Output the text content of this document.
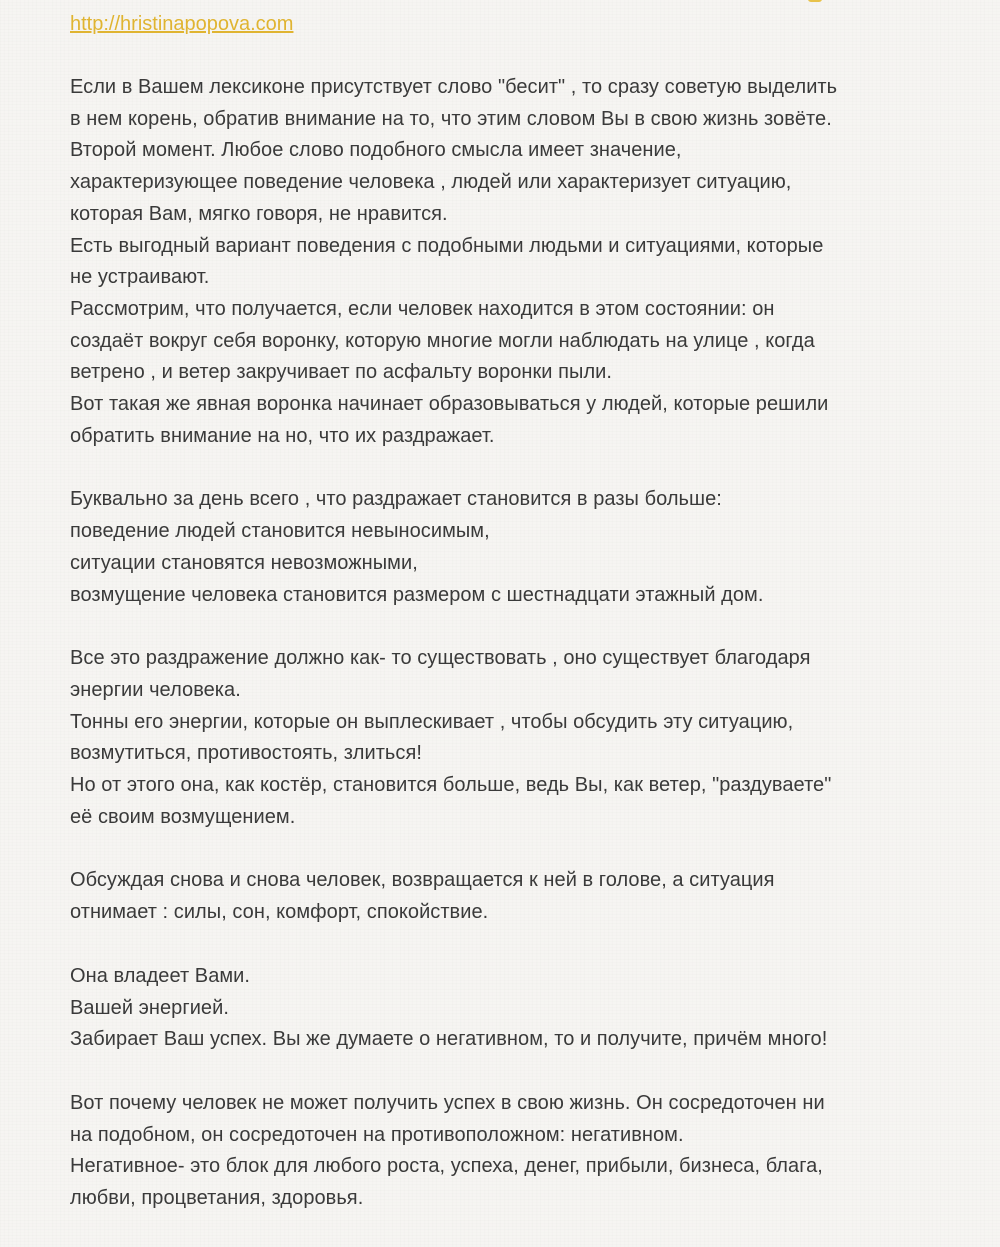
http://hristinapopova.com
Если в Вашем лексиконе присутствует слово "бесит" , то сразу советую выделить
в нем корень, обратив внимание на то, что этим словом Вы в свою жизнь зовёте.
Второй момент. Любое слово подобного смысла имеет значение,
характеризующее поведение человека , людей или характеризует ситуацию,
которая Вам, мягко говоря, не нравится.
Есть выгодный вариант поведения с подобными людьми и ситуациями, которые
не устраивают.
Рассмотрим, что получается, если человек находится в этом состоянии: он
создаёт вокруг себя воронку, которую многие могли наблюдать на улице , когда
ветрено , и ветер закручивает по асфальту воронки пыли.
Вот такая же явная воронка начинает образовываться у людей, которые решили
обратить внимание на но, что их раздражает.
Буквально за день всего , что раздражает становится в разы больше:
поведение людей становится невыносимым,
ситуации становятся невозможными,
возмущение человека становится размером с шестнадцати этажный дом.
Все это раздражение должно как- то существовать , оно существует благодаря
энергии человека.
Тонны его энергии, которые он выплескивает , чтобы обсудить эту ситуацию,
возмутиться, противостоять, злиться!
Но от этого она, как костёр, становится больше, ведь Вы, как ветер, "раздуваете"
её своим возмущением.
Обсуждая снова и снова человек, возвращается к ней в голове, а ситуация
отнимает : силы, сон, комфорт, спокойствие.
Она владеет Вами.
Вашей энергией.
Забирает Ваш успех. Вы же думаете о негативном, то и получите, причём много!
Вот почему человек не может получить успех в свою жизнь. Он сосредоточен ни
на подобном, он сосредоточен на противоположном: негативном.
Негативное- это блок для любого роста, успеха, денег, прибыли, бизнеса, блага,
любви, процветания, здоровья.
